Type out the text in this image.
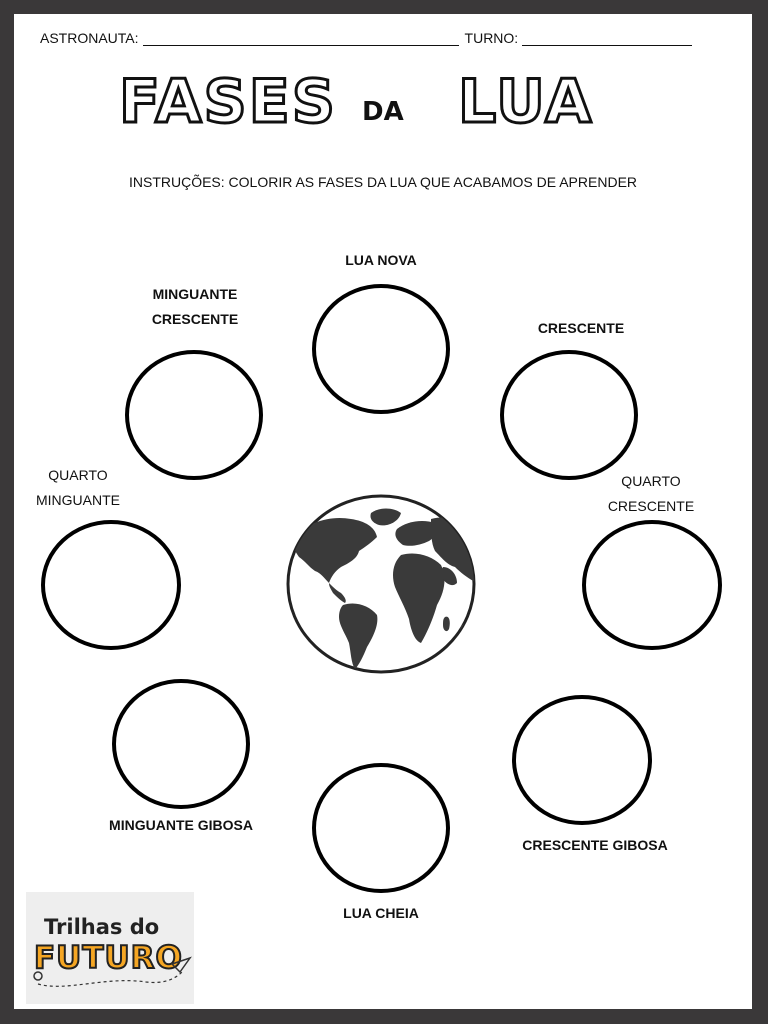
ASTRONAUTA:	TURNO:
FASES DA LUA
INSTRUÇÕES: COLORIR AS FASES DA LUA QUE ACABAMOS DE APRENDER
LUA NOVA
MINGUANTE
CRESCENTE
CRESCENTE
QUARTO
MINGUANTE
QUARTO
CRESCENTE
MINGUANTE GIBOSA
CRESCENTE GIBOSA
LUA CHEIA
Trilhas do
FUTURO
